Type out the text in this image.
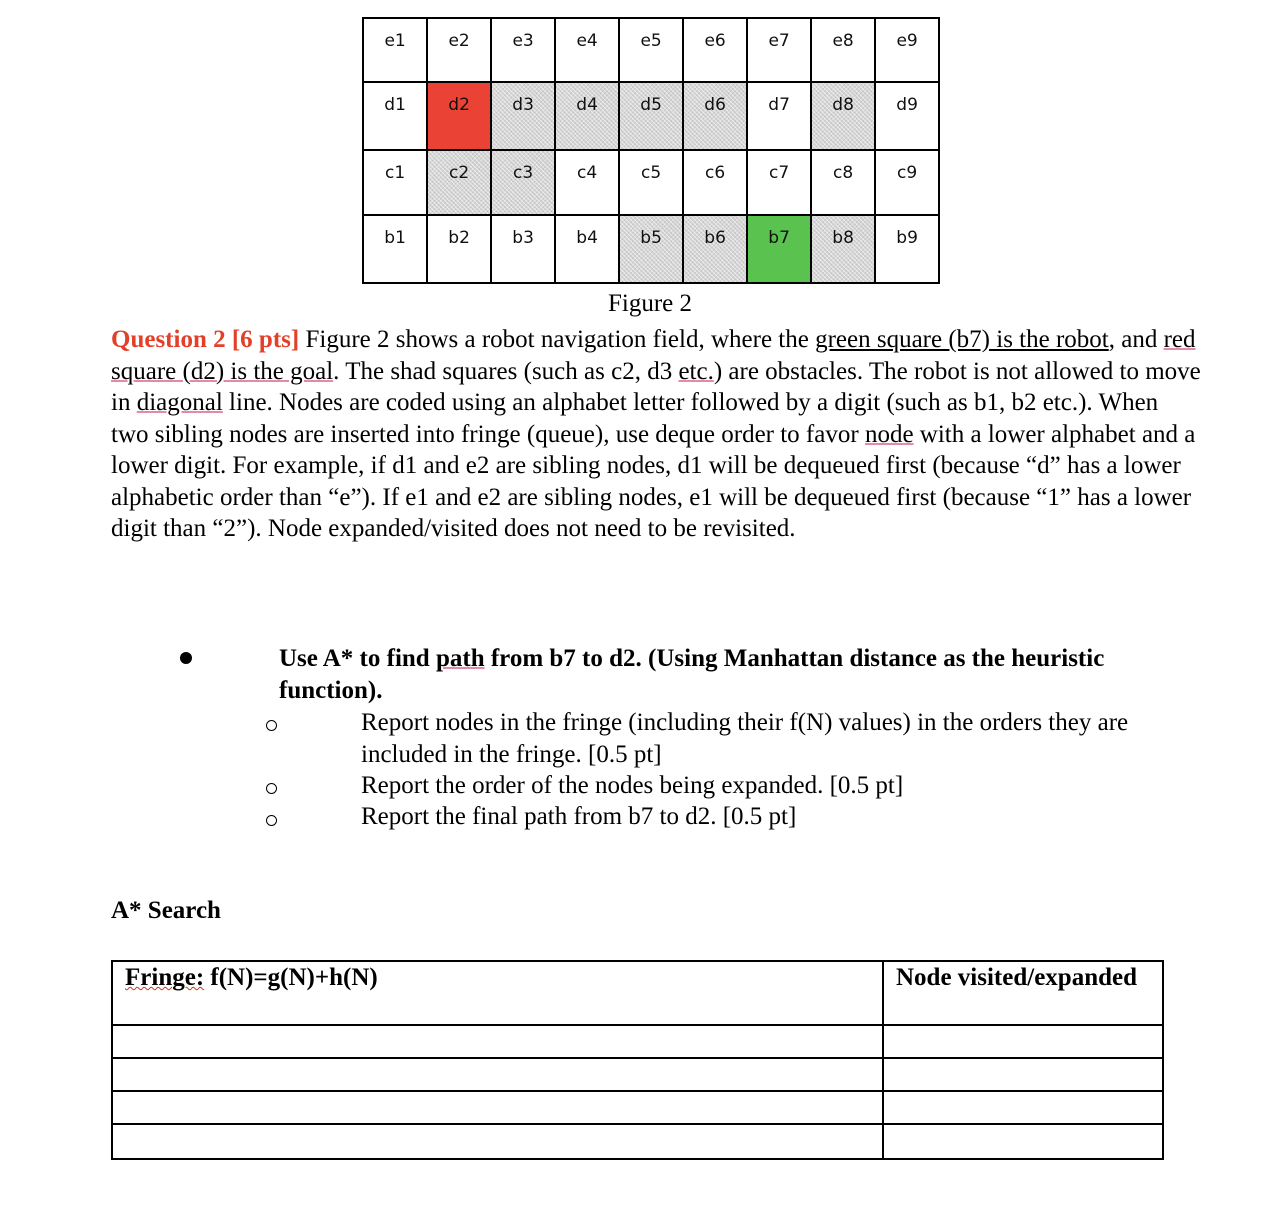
e1	e2	e3	e4	e5	e6	e7	e8	e9
d1	d2	d3	d4	d5	d6	d7	d8	d9
c1	c2	c3	c4	c5	c6	c7	c8	c9
b1	b2	b3	b4	b5	b6	b7	b8	b9
Figure 2

Question 2 [6 pts] Figure 2 shows a robot navigation field, where the green square (b7) is the robot, and red square (d2) is the goal. The shad squares (such as c2, d3 etc.) are obstacles. The robot is not allowed to move in diagonal line. Nodes are coded using an alphabet letter followed by a digit (such as b1, b2 etc.). When two sibling nodes are inserted into fringe (queue), use deque order to favor node with a lower alphabet and a lower digit. For example, if d1 and e2 are sibling nodes, d1 will be dequeued first (because “d” has a lower alphabetic order than “e”). If e1 and e2 are sibling nodes, e1 will be dequeued first (because “1” has a lower digit than “2”). Node expanded/visited does not need to be revisited.

Use A* to find path from b7 to d2. (Using Manhattan distance as the heuristic function).

Report nodes in the fringe (including their f(N) values) in the orders they are included in the fringe. [0.5 pt]

Report the order of the nodes being expanded. [0.5 pt]

Report the final path from b7 to d2. [0.5 pt]

A* Search
Fringe: f(N)=g(N)+h(N)	Node visited/expanded
